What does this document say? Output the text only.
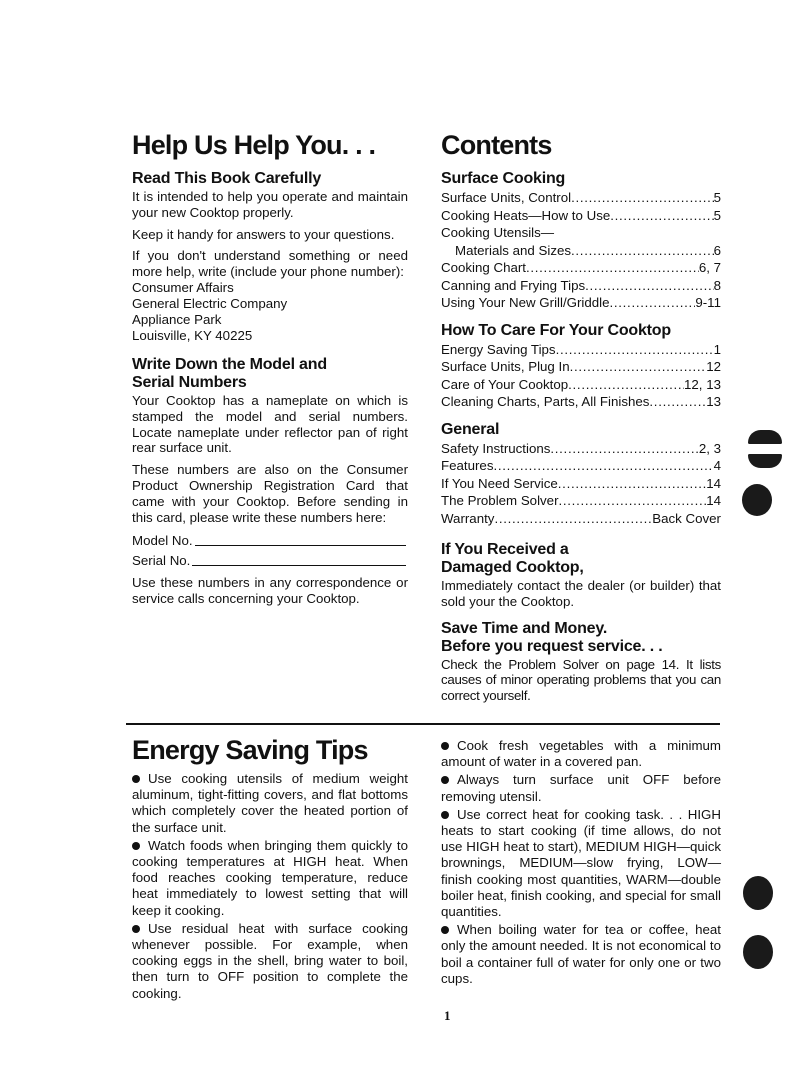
Help Us Help You. . .
Read This Book Carefully

It is intended to help you operate and maintain your new Cooktop properly.

Keep it handy for answers to your questions.

If you don't understand something or need more help, write (include your phone number):

Consumer Affairs
General Electric Company
Appliance Park
Louisville, KY 40225
Write Down the Model and
Serial Numbers

Your Cooktop has a nameplate on which is stamped the model and serial numbers. Locate nameplate under reflector pan of right rear surface unit.

These numbers are also on the Consumer Product Ownership Registration Card that came with your Cooktop. Before sending in this card, please write these numbers here:

Model No.
Serial No.

Use these numbers in any correspondence or service calls concerning your Cooktop.

Contents
Surface Cooking
Surface Units, Control . . .	5
Cooking Heats—How to Use . . .	5
Cooking Utensils—
Materials and Sizes . . .	6
Cooking Chart . . .	6, 7
Canning and Frying Tips . . .	8
Using Your New Grill/Griddle . . .	9-11
How To Care For Your Cooktop
Energy Saving Tips . . .	1
Surface Units, Plug In . . .	12
Care of Your Cooktop . . .	12, 13
Cleaning Charts, Parts, All Finishes . . .	13
General
Safety Instructions . . .	2, 3
Features . . .	4
If You Need Service . . .	14
The Problem Solver . . .	14
Warranty . . .	Back Cover
If You Received a
Damaged Cooktop,

Immediately contact the dealer (or builder) that sold your the Cooktop.

Save Time and Money.
Before you request service. . .

Check the Problem Solver on page 14. It lists causes of minor operating problems that you can correct yourself.

Energy Saving Tips

Use cooking utensils of medium weight aluminum, tight-fitting covers, and flat bottoms which completely cover the heated portion of the surface unit.

Watch foods when bringing them quickly to cooking temperatures at HIGH heat. When food reaches cooking temperature, reduce heat immediately to lowest setting that will keep it cooking.

Use residual heat with surface cooking whenever possible. For example, when cooking eggs in the shell, bring water to boil, then turn to OFF position to complete the cooking.

Cook fresh vegetables with a minimum amount of water in a covered pan.

Always turn surface unit OFF before removing utensil.

Use correct heat for cooking task. . . HIGH heats to start cooking (if time allows, do not use HIGH heat to start), MEDIUM HIGH—quick brownings, MEDIUM—slow frying, LOW—finish cooking most quantities, WARM—double boiler heat, finish cooking, and special for small quantities.

When boiling water for tea or coffee, heat only the amount needed. It is not economical to boil a container full of water for only one or two cups.

1
